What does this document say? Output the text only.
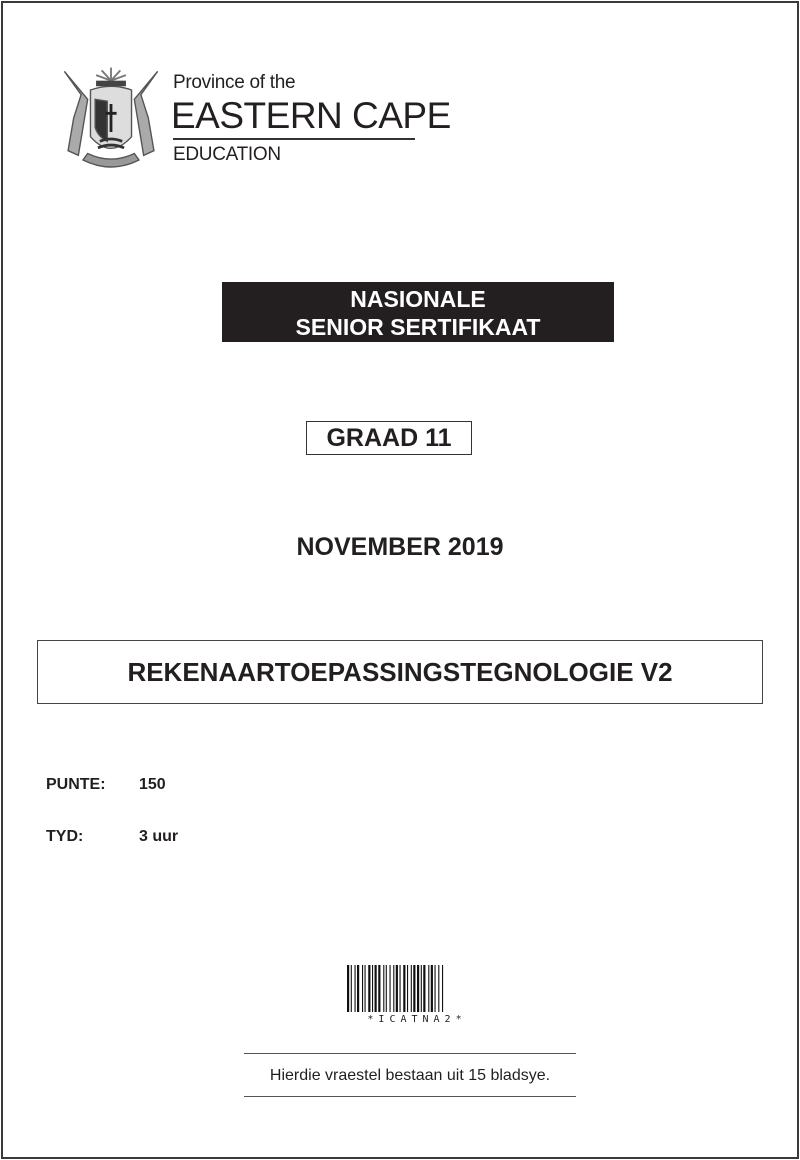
Province of the
EASTERN CAPE
EDUCATION
NASIONALE
SENIOR SERTIFIKAAT
GRAAD 11
NOVEMBER 2019
REKENAARTOEPASSINGSTEGNOLOGIE V2
PUNTE: 150
TYD:	3 uur
*ICATNA2*
Hierdie vraestel bestaan uit 15 bladsye.
